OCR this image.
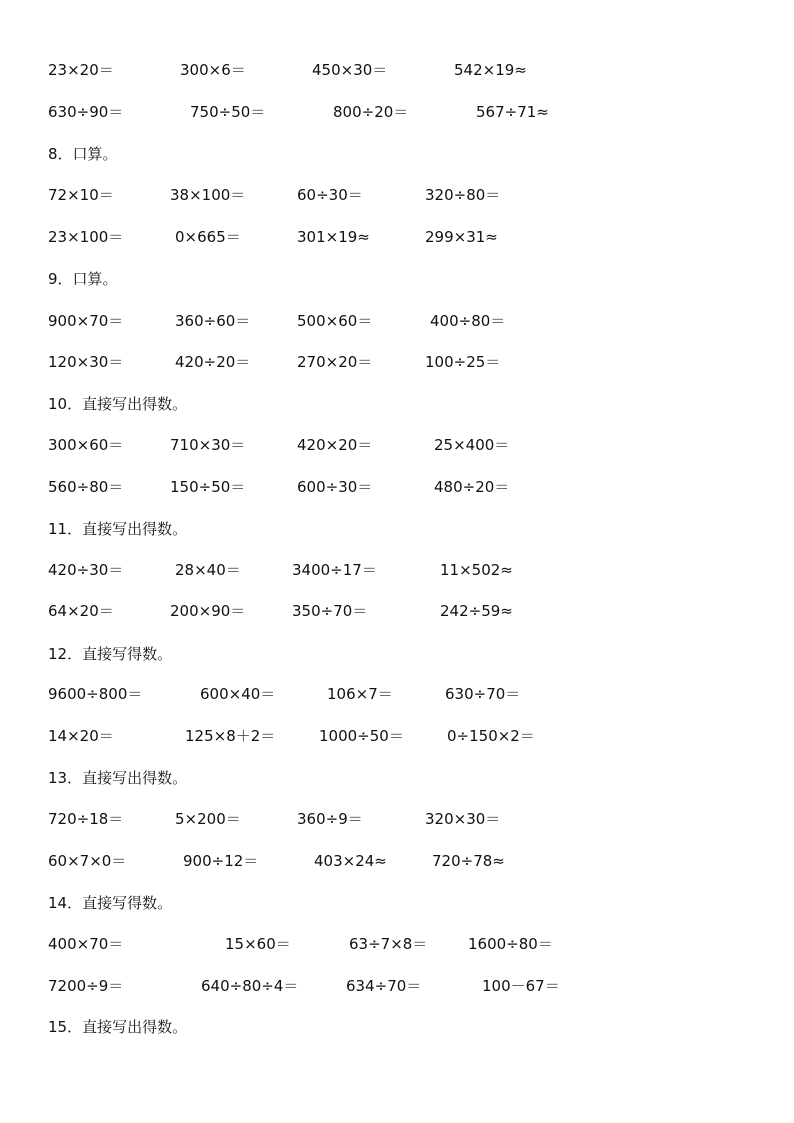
23×20＝	300×6＝	450×30＝	542×19≈
630÷90＝	750÷50＝	800÷20＝	567÷71≈
8．口算。
72×10＝	38×100＝	60÷30＝	320÷80＝
23×100＝	0×665＝	301×19≈	299×31≈
9．口算。
900×70＝	360÷60＝	500×60＝	400÷80＝
120×30＝	420÷20＝	270×20＝	100÷25＝
10．直接写出得数。
300×60＝	710×30＝	420×20＝	25×400＝
560÷80＝	150÷50＝	600÷30＝	480÷20＝
11．直接写出得数。
420÷30＝	28×40＝	3400÷17＝	11×502≈
64×20＝	200×90＝	350÷70＝	242÷59≈
12．直接写得数。
9600÷800＝	600×40＝	106×7＝	630÷70＝
14×20＝	125×8＋2＝	1000÷50＝	0÷150×2＝
13．直接写出得数。
720÷18＝	5×200＝	360÷9＝	320×30＝
60×7×0＝	900÷12＝	403×24≈	720÷78≈
14．直接写得数。
400×70＝	15×60＝	63÷7×8＝	1600÷80＝
7200÷9＝	640÷80÷4＝	634÷70＝	100－67＝
15．直接写出得数。
